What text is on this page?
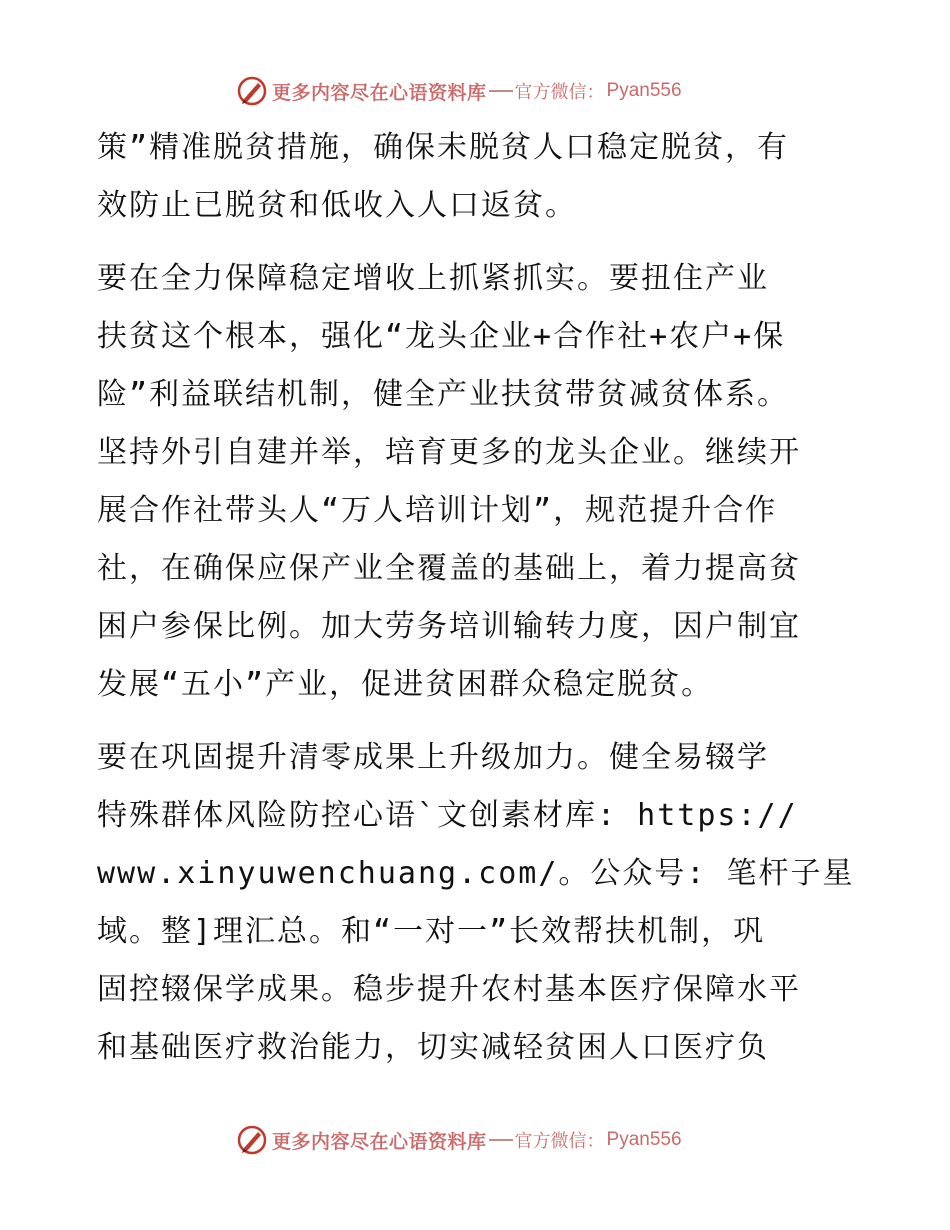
更多内容尽在心语资料库 官方微信： Pyan556
策”精准脱贫措施，确保未脱贫人口稳定脱贫，有
效防止已脱贫和低收入人口返贫。
要在全力保障稳定增收上抓紧抓实。要扭住产业
扶贫这个根本，强化“龙头企业+合作社+农户+保
险”利益联结机制，健全产业扶贫带贫减贫体系。
坚持外引自建并举，培育更多的龙头企业。继续开
展合作社带头人“万人培训计划”，规范提升合作
社，在确保应保产业全覆盖的基础上，着力提高贫
困户参保比例。加大劳务培训输转力度，因户制宜
发展“五小”产业，促进贫困群众稳定脱贫。
要在巩固提升清零成果上升级加力。健全易辍学
特殊群体风险防控心语`文创素材库: https://
www.xinyuwenchuang.com/。公众号: 笔杆子星
域。整]理汇总。和“一对一”长效帮扶机制，巩
固控辍保学成果。稳步提升农村基本医疗保障水平
和基础医疗救治能力，切实减轻贫困人口医疗负
更多内容尽在心语资料库 官方微信： Pyan556
